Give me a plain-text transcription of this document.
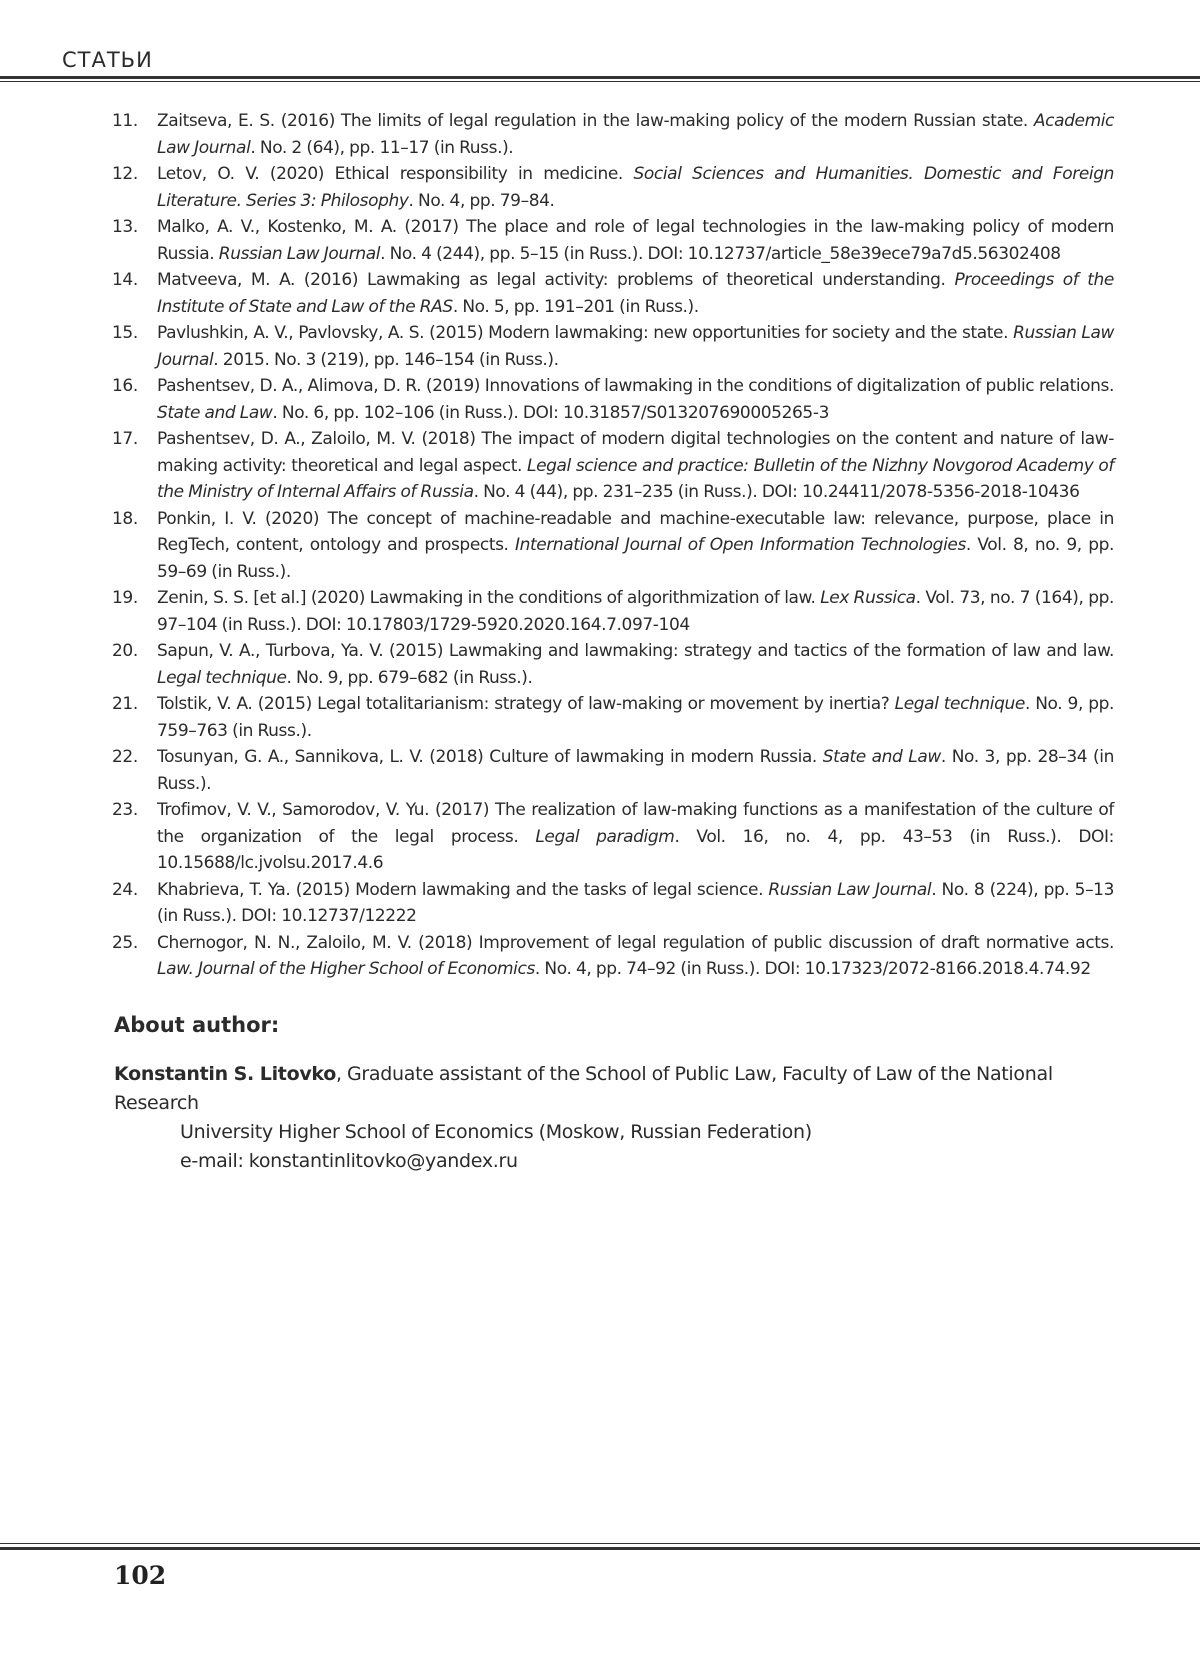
СТАТЬИ
11. Zaitseva, E. S. (2016) The limits of legal regulation in the law-making policy of the modern Russian state. Academic Law Journal. No. 2 (64), pp. 11–17 (in Russ.).
12. Letov, O. V. (2020) Ethical responsibility in medicine. Social Sciences and Humanities. Domestic and Foreign Literature. Series 3: Philosophy. No. 4, pp. 79–84.
13. Malko, A. V., Kostenko, M. A. (2017) The place and role of legal technologies in the law-making policy of modern Russia. Russian Law Journal. No. 4 (244), pp. 5–15 (in Russ.). DOI: 10.12737/article_58e39ece79a7d5.56302408
14. Matveeva, M. A. (2016) Lawmaking as legal activity: problems of theoretical understanding. Proceedings of the Institute of State and Law of the RAS. No. 5, pp. 191–201 (in Russ.).
15. Pavlushkin, A. V., Pavlovsky, A. S. (2015) Modern lawmaking: new opportunities for society and the state. Russian Law Journal. 2015. No. 3 (219), pp. 146–154 (in Russ.).
16. Pashentsev, D. A., Alimova, D. R. (2019) Innovations of lawmaking in the conditions of digitalization of public relations. State and Law. No. 6, pp. 102–106 (in Russ.). DOI: 10.31857/S013207690005265-3
17. Pashentsev, D. A., Zaloilo, M. V. (2018) The impact of modern digital technologies on the content and nature of law-making activity: theoretical and legal aspect. Legal science and practice: Bulletin of the Nizhny Novgorod Academy of the Ministry of Internal Affairs of Russia. No. 4 (44), pp. 231–235 (in Russ.). DOI: 10.24411/2078-5356-2018-10436
18. Ponkin, I. V. (2020) The concept of machine-readable and machine-executable law: relevance, purpose, place in RegTech, content, ontology and prospects. International Journal of Open Information Technologies. Vol. 8, no. 9, pp. 59–69 (in Russ.).
19. Zenin, S. S. [et al.] (2020) Lawmaking in the conditions of algorithmization of law. Lex Russica. Vol. 73, no. 7 (164), pp. 97–104 (in Russ.). DOI: 10.17803/1729-5920.2020.164.7.097-104
20. Sapun, V. A., Turbova, Ya. V. (2015) Lawmaking and lawmaking: strategy and tactics of the formation of law and law. Legal technique. No. 9, pp. 679–682 (in Russ.).
21. Tolstik, V. A. (2015) Legal totalitarianism: strategy of law-making or movement by inertia? Legal technique. No. 9, pp. 759–763 (in Russ.).
22. Tosunyan, G. A., Sannikova, L. V. (2018) Culture of lawmaking in modern Russia. State and Law. No. 3, pp. 28–34 (in Russ.).
23. Trofimov, V. V., Samorodov, V. Yu. (2017) The realization of law-making functions as a manifestation of the culture of the organization of the legal process. Legal paradigm. Vol. 16, no. 4, pp. 43–53 (in Russ.). DOI: 10.15688/lc.jvolsu.2017.4.6
24. Khabrieva, T. Ya. (2015) Modern lawmaking and the tasks of legal science. Russian Law Journal. No. 8 (224), pp. 5–13 (in Russ.). DOI: 10.12737/12222
25. Chernogor, N. N., Zaloilo, M. V. (2018) Improvement of legal regulation of public discussion of draft normative acts. Law. Journal of the Higher School of Economics. No. 4, pp. 74–92 (in Russ.). DOI: 10.17323/2072-8166.2018.4.74.92
About author:
Konstantin S. Litovko, Graduate assistant of the School of Public Law, Faculty of Law of the National Research
University Higher School of Economics (Moskow, Russian Federation)
e-mail: konstantinlitovko@yandex.ru
102
